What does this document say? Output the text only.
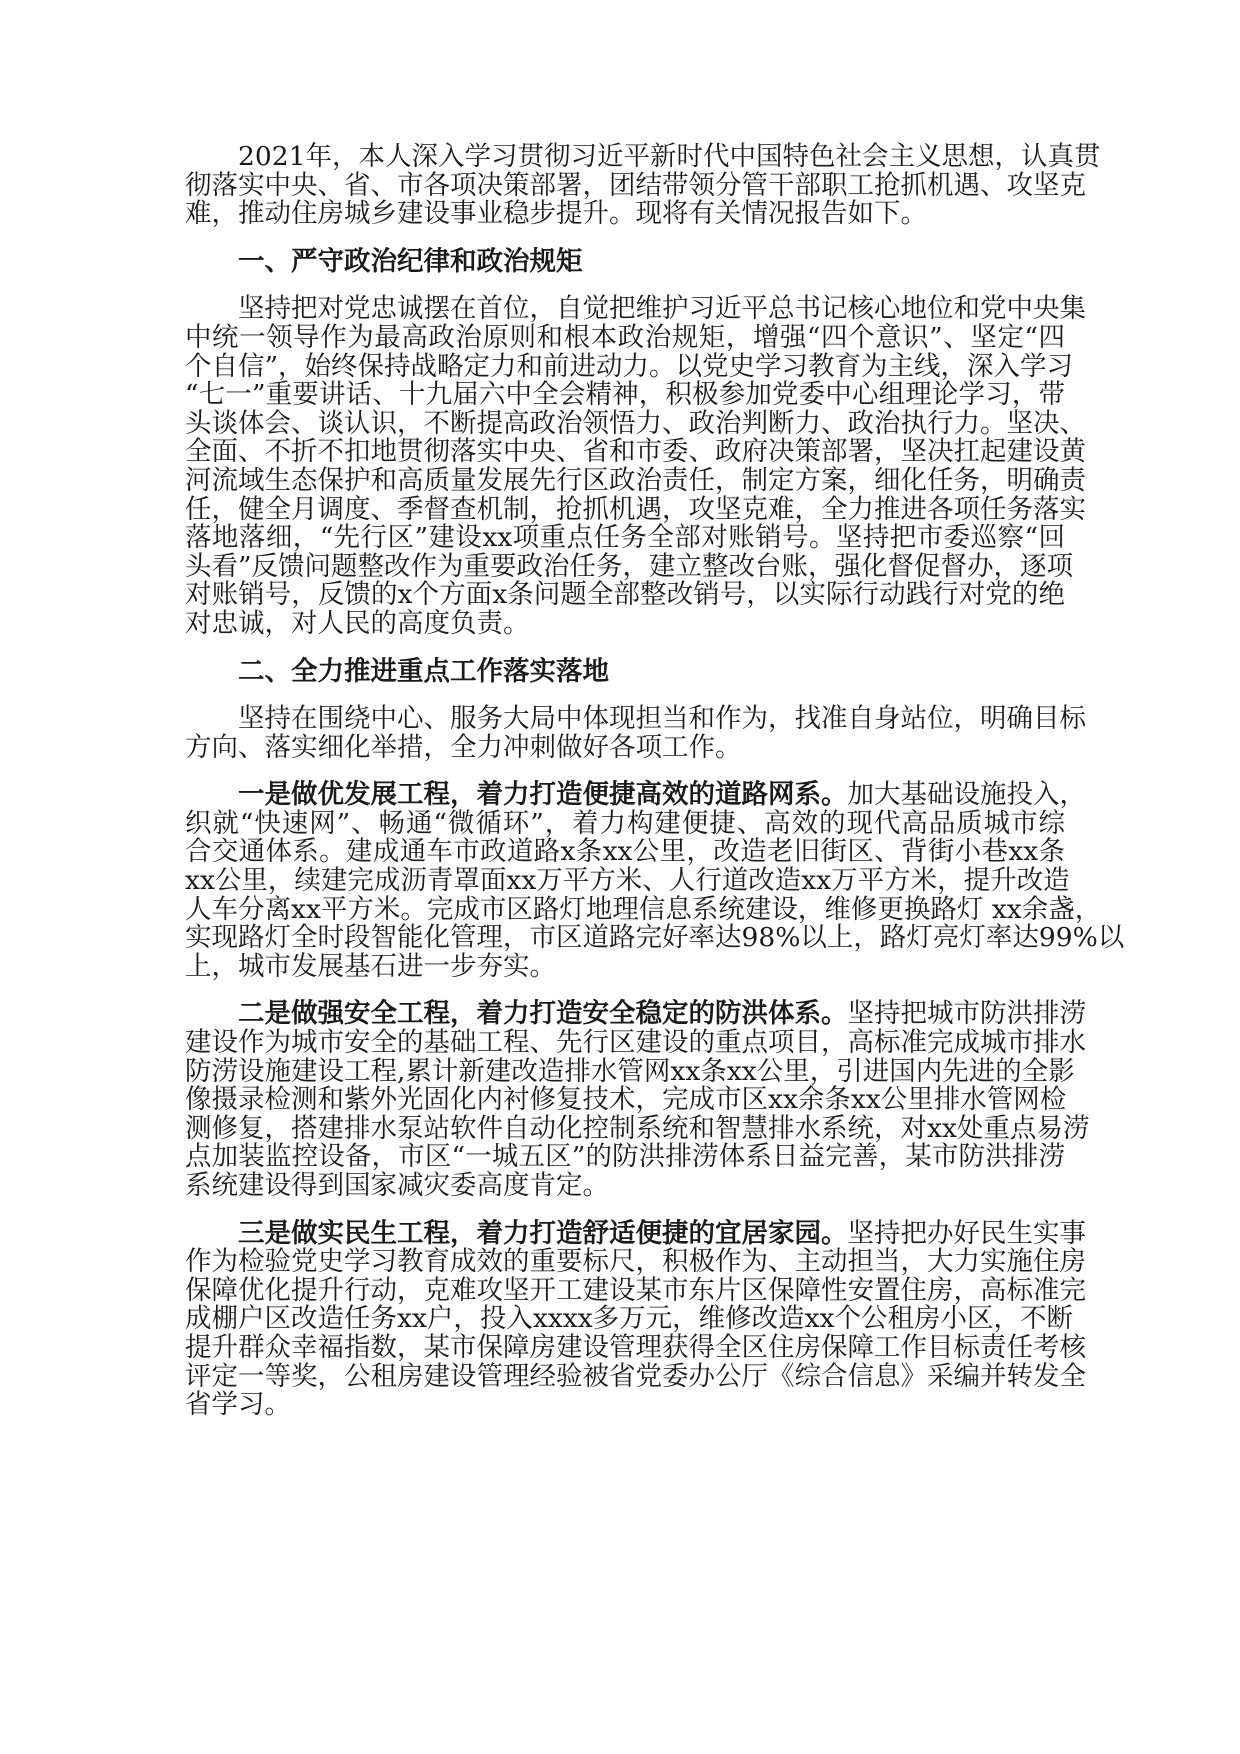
2021年，本人深入学习贯彻习近平新时代中国特色社会主义思想，认真贯
彻落实中央、省、市各项决策部署，团结带领分管干部职工抢抓机遇、攻坚克
难，推动住房城乡建设事业稳步提升。现将有关情况报告如下。
一、严守政治纪律和政治规矩
坚持把对党忠诚摆在首位，自觉把维护习近平总书记核心地位和党中央集
中统一领导作为最高政治原则和根本政治规矩，增强“四个意识”、坚定“四
个自信”，始终保持战略定力和前进动力。以党史学习教育为主线，深入学习
“七一”重要讲话、十九届六中全会精神，积极参加党委中心组理论学习，带
头谈体会、谈认识，不断提高政治领悟力、政治判断力、政治执行力。坚决、
全面、不折不扣地贯彻落实中央、省和市委、政府决策部署，坚决扛起建设黄
河流域生态保护和高质量发展先行区政治责任，制定方案，细化任务，明确责
任，健全月调度、季督查机制，抢抓机遇，攻坚克难，全力推进各项任务落实
落地落细，“先行区”建设xx项重点任务全部对账销号。坚持把市委巡察“回
头看”反馈问题整改作为重要政治任务，建立整改台账，强化督促督办，逐项
对账销号，反馈的x个方面x条问题全部整改销号，以实际行动践行对党的绝
对忠诚，对人民的高度负责。
二、全力推进重点工作落实落地
坚持在围绕中心、服务大局中体现担当和作为，找准自身站位，明确目标
方向、落实细化举措，全力冲刺做好各项工作。
一是做优发展工程，着力打造便捷高效的道路网系。加大基础设施投入，
织就“快速网”、畅通“微循环”，着力构建便捷、高效的现代高品质城市综
合交通体系。建成通车市政道路x条xx公里，改造老旧街区、背街小巷xx条
xx公里，续建完成沥青罩面xx万平方米、人行道改造xx万平方米，提升改造
人车分离xx平方米。完成市区路灯地理信息系统建设，维修更换路灯 xx余盏，
实现路灯全时段智能化管理，市区道路完好率达98%以上，路灯亮灯率达99%以
上，城市发展基石进一步夯实。
二是做强安全工程，着力打造安全稳定的防洪体系。坚持把城市防洪排涝
建设作为城市安全的基础工程、先行区建设的重点项目，高标准完成城市排水
防涝设施建设工程,累计新建改造排水管网xx条xx公里，引进国内先进的全影
像摄录检测和紫外光固化内衬修复技术，完成市区xx余条xx公里排水管网检
测修复，搭建排水泵站软件自动化控制系统和智慧排水系统，对xx处重点易涝
点加装监控设备，市区“一城五区”的防洪排涝体系日益完善，某市防洪排涝
系统建设得到国家减灾委高度肯定。
三是做实民生工程，着力打造舒适便捷的宜居家园。坚持把办好民生实事
作为检验党史学习教育成效的重要标尺，积极作为、主动担当，大力实施住房
保障优化提升行动，克难攻坚开工建设某市东片区保障性安置住房，高标准完
成棚户区改造任务xx户，投入xxxx多万元，维修改造xx个公租房小区，不断
提升群众幸福指数，某市保障房建设管理获得全区住房保障工作目标责任考核
评定一等奖，公租房建设管理经验被省党委办公厅《综合信息》采编并转发全
省学习。
